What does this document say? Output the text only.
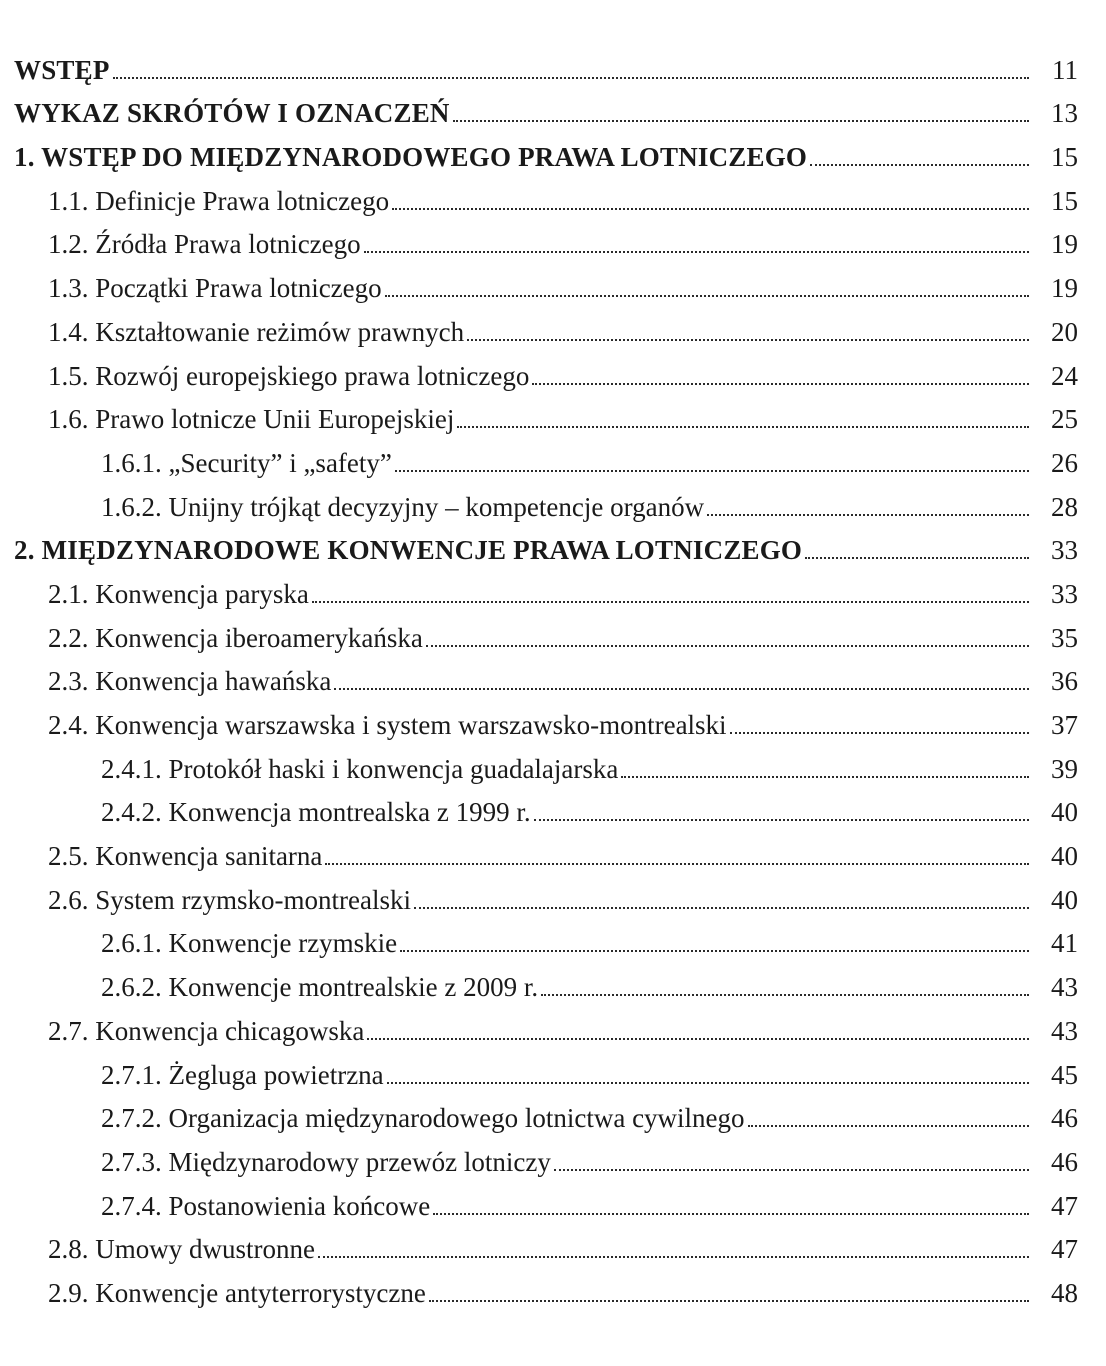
WSTĘP	11
WYKAZ SKRÓTÓW I OZNACZEŃ	13
1. WSTĘP DO MIĘDZYNARODOWEGO PRAWA LOTNICZEGO	15
1.1. Definicje Prawa lotniczego	15
1.2. Źródła Prawa lotniczego	19
1.3. Początki Prawa lotniczego	19
1.4. Kształtowanie reżimów prawnych	20
1.5. Rozwój europejskiego prawa lotniczego	24
1.6. Prawo lotnicze Unii Europejskiej	25
1.6.1. „Security” i „safety”	26
1.6.2. Unijny trójkąt decyzyjny – kompetencje organów	28
2. MIĘDZYNARODOWE KONWENCJE PRAWA LOTNICZEGO	33
2.1. Konwencja paryska	33
2.2. Konwencja iberoamerykańska	35
2.3. Konwencja hawańska	36
2.4. Konwencja warszawska i system warszawsko-montrealski	37
2.4.1. Protokół haski i konwencja guadalajarska	39
2.4.2. Konwencja montrealska z 1999 r.	40
2.5. Konwencja sanitarna	40
2.6. System rzymsko-montrealski	40
2.6.1. Konwencje rzymskie	41
2.6.2. Konwencje montrealskie z 2009 r.	43
2.7. Konwencja chicagowska	43
2.7.1. Żegluga powietrzna	45
2.7.2. Organizacja międzynarodowego lotnictwa cywilnego	46
2.7.3. Międzynarodowy przewóz lotniczy	46
2.7.4. Postanowienia końcowe	47
2.8. Umowy dwustronne	47
2.9. Konwencje antyterrorystyczne	48
